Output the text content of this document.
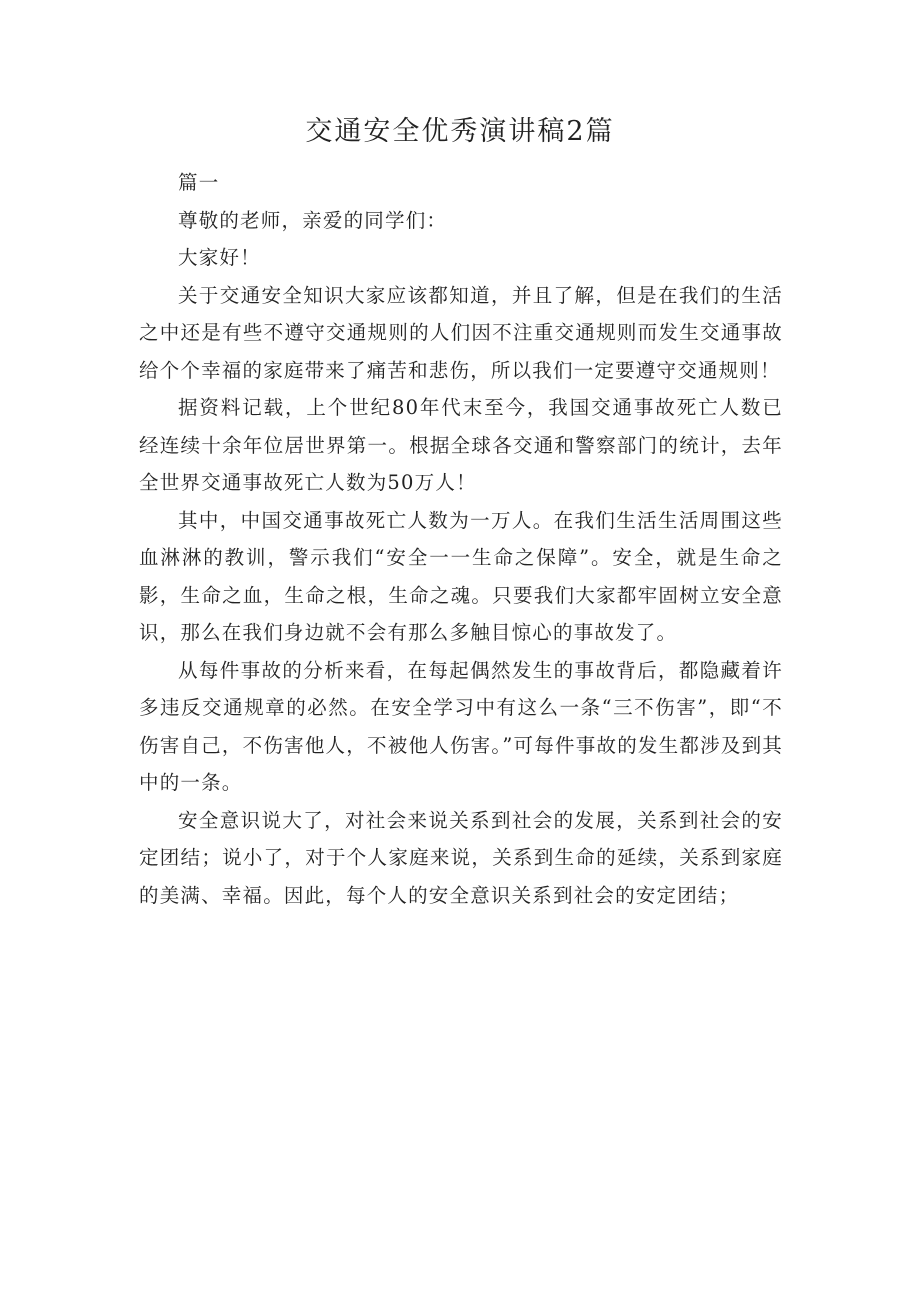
交通安全优秀演讲稿2篇

篇一

尊敬的老师，亲爱的同学们：

大家好！

关于交通安全知识大家应该都知道，并且了解，但是在我们的生活之中还是有些不遵守交通规则的人们因不注重交通规则而发生交通事故给个个幸福的家庭带来了痛苦和悲伤，所以我们一定要遵守交通规则！

据资料记载，上个世纪80年代末至今，我国交通事故死亡人数已经连续十余年位居世界第一。根据全球各交通和警察部门的统计，去年全世界交通事故死亡人数为50万人！

其中，中国交通事故死亡人数为一万人。在我们生活生活周围这些血淋淋的教训，警示我们“安全一一生命之保障”。安全，就是生命之影，生命之血，生命之根，生命之魂。只要我们大家都牢固树立安全意识，那么在我们身边就不会有那么多触目惊心的事故发了。

从每件事故的分析来看，在每起偶然发生的事故背后，都隐藏着许多违反交通规章的必然。在安全学习中有这么一条“三不伤害”，即“不伤害自己，不伤害他人，不被他人伤害。”可每件事故的发生都涉及到其中的一条。

安全意识说大了，对社会来说关系到社会的发展，关系到社会的安定团结；说小了，对于个人家庭来说，关系到生命的延续，关系到家庭的美满、幸福。因此，每个人的安全意识关系到社会的安定团结；
